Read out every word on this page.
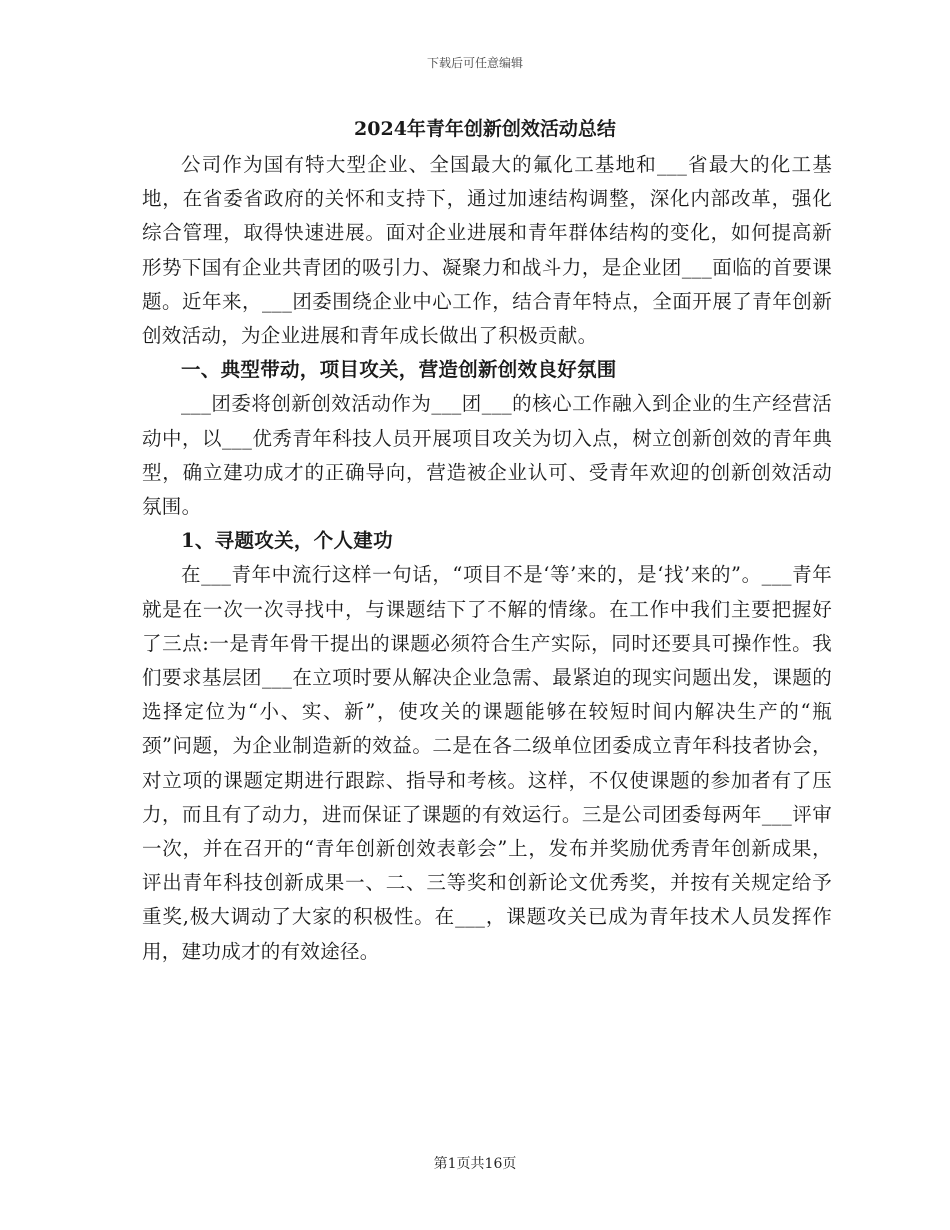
下载后可任意编辑
2024年青年创新创效活动总结

公司作为国有特大型企业、全国最大的氟化工基地和___省最大的化工基地，在省委省政府的关怀和支持下，通过加速结构调整，深化内部改革，强化综合管理，取得快速进展。面对企业进展和青年群体结构的变化，如何提高新形势下国有企业共青团的吸引力、凝聚力和战斗力，是企业团___面临的首要课题。近年来，___团委围绕企业中心工作，结合青年特点，全面开展了青年创新创效活动，为企业进展和青年成长做出了积极贡献。

一、典型带动，项目攻关，营造创新创效良好氛围

___团委将创新创效活动作为___团___的核心工作融入到企业的生产经营活动中，以___优秀青年科技人员开展项目攻关为切入点，树立创新创效的青年典型，确立建功成才的正确导向，营造被企业认可、受青年欢迎的创新创效活动氛围。

1、寻题攻关，个人建功

在___青年中流行这样一句话，“项目不是‘等’来的，是‘找’来的”。___青年就是在一次一次寻找中，与课题结下了不解的情缘。在工作中我们主要把握好了三点:一是青年骨干提出的课题必须符合生产实际，同时还要具可操作性。我们要求基层团___在立项时要从解决企业急需、最紧迫的现实问题出发，课题的选择定位为“小、实、新”，使攻关的课题能够在较短时间内解决生产的“瓶颈”问题，为企业制造新的效益。二是在各二级单位团委成立青年科技者协会，对立项的课题定期进行跟踪、指导和考核。这样，不仅使课题的参加者有了压力，而且有了动力，进而保证了课题的有效运行。三是公司团委每两年___评审一次，并在召开的“青年创新创效表彰会”上，发布并奖励优秀青年创新成果，评出青年科技创新成果一、二、三等奖和创新论文优秀奖，并按有关规定给予重奖,极大调动了大家的积极性。在___，课题攻关已成为青年技术人员发挥作用，建功成才的有效途径。

第1页共16页
